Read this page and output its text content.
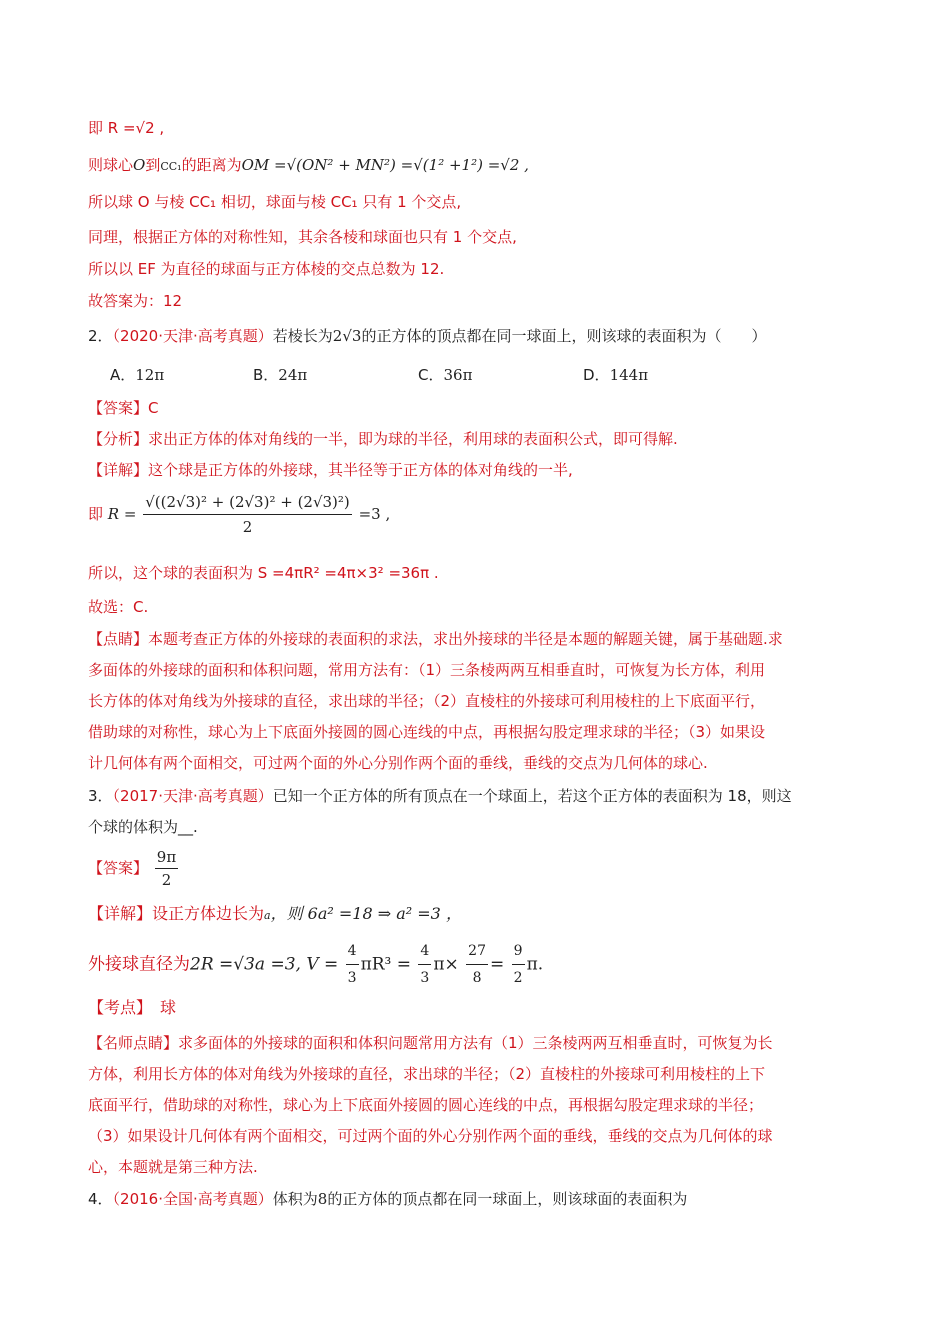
即 R =√2 ,
则球心O到CC₁的距离为OM =√(ON² + MN²) =√(1² +1²) =√2 ,
所以球 O 与棱 CC₁ 相切，球面与棱 CC₁ 只有 1 个交点,
同理，根据正方体的对称性知，其余各棱和球面也只有 1 个交点,
所以以 EF 为直径的球面与正方体棱的交点总数为 12.
故答案为：12
2．（2020·天津·高考真题）若棱长为2√3的正方体的顶点都在同一球面上，则该球的表面积为（　　）
A．12π	B．24π	C．36π	D．144π
【答案】C
【分析】求出正方体的体对角线的一半，即为球的半径，利用球的表面积公式，即可得解.
【详解】这个球是正方体的外接球，其半径等于正方体的体对角线的一半,
即 $R = \frac{\text{√((2√3)² + (2√3)² + (2√3)²)}}{2} =3$ ,
所以，这个球的表面积为 S =4πR² =4π×3² =36π .
故选：C.
【点睛】本题考查正方体的外接球的表面积的求法，求出外接球的半径是本题的解题关键，属于基础题.求
多面体的外接球的面积和体积问题，常用方法有：（1）三条棱两两互相垂直时，可恢复为长方体，利用
长方体的体对角线为外接球的直径，求出球的半径；（2）直棱柱的外接球可利用棱柱的上下底面平行，
借助球的对称性，球心为上下底面外接圆的圆心连线的中点，再根据勾股定理求球的半径；（3）如果设
计几何体有两个面相交，可过两个面的外心分别作两个面的垂线，垂线的交点为几何体的球心.
3．（2017·天津·高考真题）已知一个正方体的所有顶点在一个球面上，若这个正方体的表面积为 18，则这
个球的体积为__.
【答案】 $\frac{9\pi}{2}$
【详解】设正方体边长为a，则 6a² =18 ⇒ a² =3 ，
外接球直径为2R =√3a =3, $V = \frac{4}{3} \pi R^3 = \frac{4}{3} \pi\times \frac{27}{8} = \frac{9}{2} \pi$.
【考点】　球
【名师点睛】求多面体的外接球的面积和体积问题常用方法有（1）三条棱两两互相垂直时，可恢复为长
方体，利用长方体的体对角线为外接球的直径，求出球的半径；（2）直棱柱的外接球可利用棱柱的上下
底面平行，借助球的对称性，球心为上下底面外接圆的圆心连线的中点，再根据勾股定理求球的半径；
（3）如果设计几何体有两个面相交，可过两个面的外心分别作两个面的垂线，垂线的交点为几何体的球
心，本题就是第三种方法.
4．（2016·全国·高考真题）体积为8的正方体的顶点都在同一球面上，则该球面的表面积为
